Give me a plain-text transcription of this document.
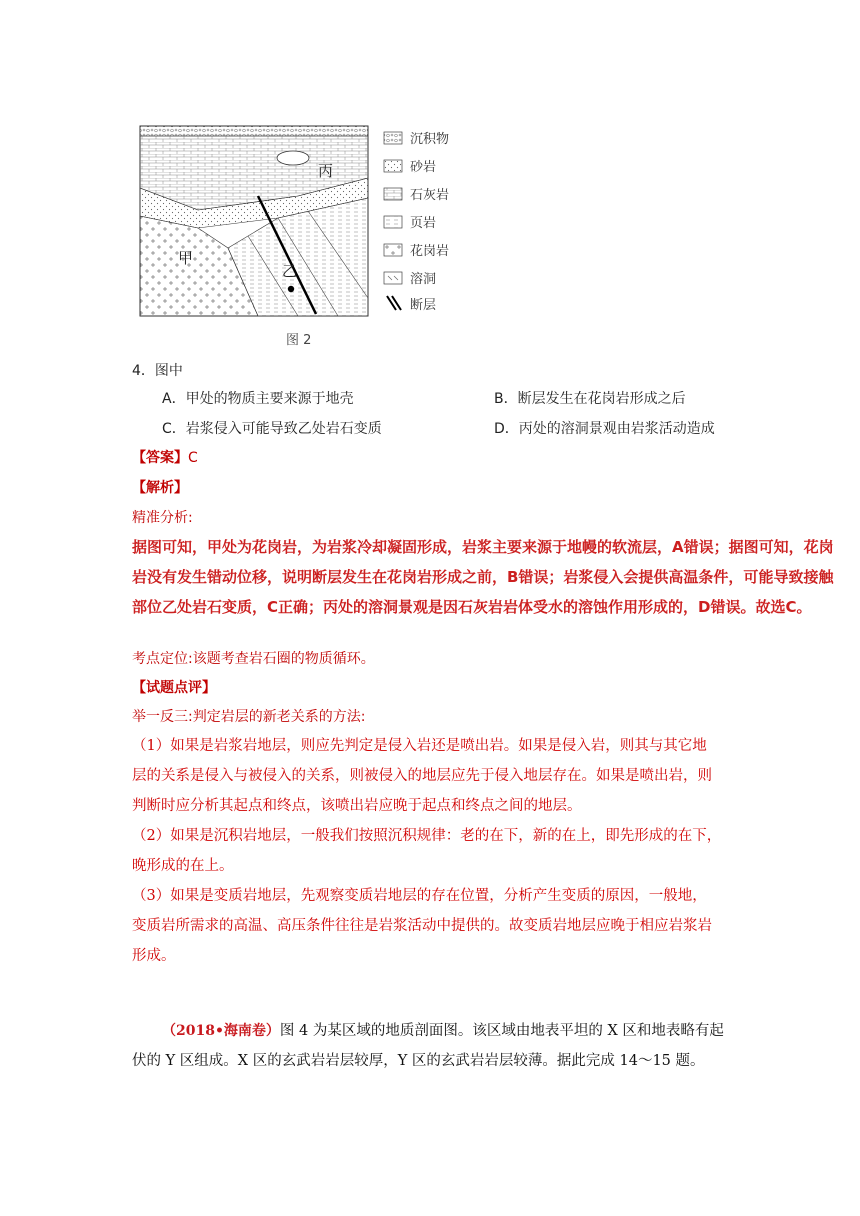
丙
甲
乙
图 2
沉积物
砂岩
石灰岩
页岩
花岗岩
溶洞
断层
4．图中
A．甲处的物质主要来源于地壳	B．断层发生在花岗岩形成之后
C．岩浆侵入可能导致乙处岩石变质	D．丙处的溶洞景观由岩浆活动造成
【答案】C
【解析】
精准分析:
据图可知，甲处为花岗岩，为岩浆冷却凝固形成，岩浆主要来源于地幔的软流层，A错误；据图可知，花岗
岩没有发生错动位移，说明断层发生在花岗岩形成之前，B错误；岩浆侵入会提供高温条件，可能导致接触
部位乙处岩石变质，C正确；丙处的溶洞景观是因石灰岩岩体受水的溶蚀作用形成的，D错误。故选C。
考点定位:该题考查岩石圈的物质循环。
【试题点评】
举一反三:判定岩层的新老关系的方法:
（1）如果是岩浆岩地层，则应先判定是侵入岩还是喷出岩。如果是侵入岩，则其与其它地
层的关系是侵入与被侵入的关系，则被侵入的地层应先于侵入地层存在。如果是喷出岩，则
判断时应分析其起点和终点，该喷出岩应晚于起点和终点之间的地层。
（2）如果是沉积岩地层，一般我们按照沉积规律：老的在下，新的在上，即先形成的在下，
晚形成的在上。
（3）如果是变质岩地层，先观察变质岩地层的存在位置，分析产生变质的原因，一般地，
变质岩所需求的高温、高压条件往往是岩浆活动中提供的。故变质岩地层应晚于相应岩浆岩
形成。
（2018•海南卷）图 4 为某区域的地质剖面图。该区域由地表平坦的 X 区和地表略有起
伏的 Y 区组成。X 区的玄武岩岩层较厚，Y 区的玄武岩岩层较薄。据此完成 14～15 题。
